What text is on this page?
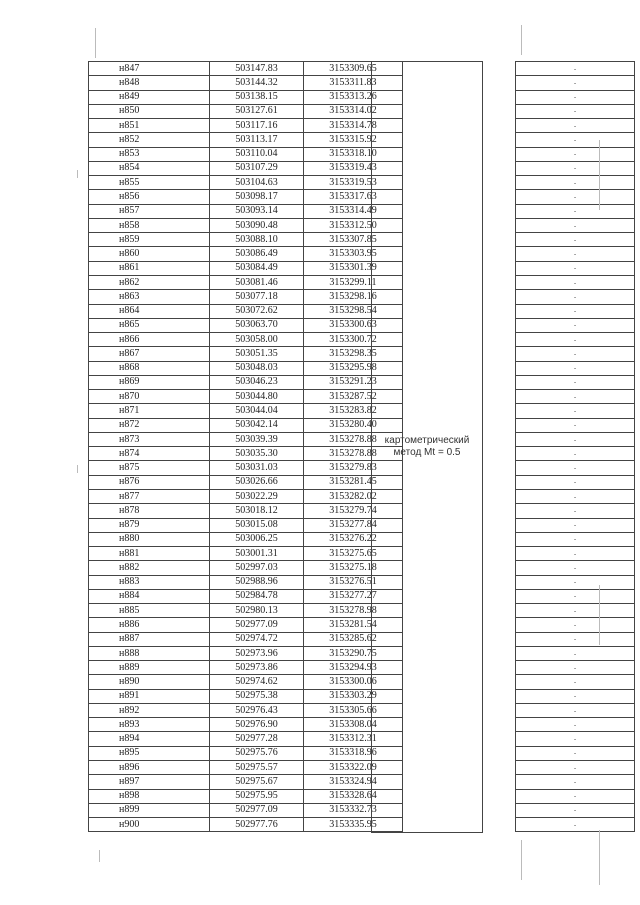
н847	503147.83	3153309.65		-
н848	503144.32	3153311.83		-
н849	503138.15	3153313.26		-
н850	503127.61	3153314.02		-
н851	503117.16	3153314.78		-
н852	503113.17	3153315.92		-
н853	503110.04	3153318.10		-
н854	503107.29	3153319.43		-
н855	503104.63	3153319.53		-
н856	503098.17	3153317.63		-
н857	503093.14	3153314.49		-
н858	503090.48	3153312.50		-
н859	503088.10	3153307.85		-
н860	503086.49	3153303.95		-
н861	503084.49	3153301.39		-
н862	503081.46	3153299.11		-
н863	503077.18	3153298.16		-
н864	503072.62	3153298.54		-
н865	503063.70	3153300.63		-
н866	503058.00	3153300.72		-
н867	503051.35	3153298.35		-
н868	503048.03	3153295.98		-
н869	503046.23	3153291.23		-
н870	503044.80	3153287.52		-
н871	503044.04	3153283.82		-
н872	503042.14	3153280.40		-
н873	503039.39	3153278.88		-
н874	503035.30	3153278.88		-
н875	503031.03	3153279.83		-
н876	503026.66	3153281.45		-
н877	503022.29	3153282.02		-
н878	503018.12	3153279.74		-
н879	503015.08	3153277.84		-
н880	503006.25	3153276.22		-
н881	503001.31	3153275.65		-
н882	502997.03	3153275.18		-
н883	502988.96	3153276.51		-
н884	502984.78	3153277.27		-
н885	502980.13	3153278.98		-
н886	502977.09	3153281.54		-
н887	502974.72	3153285.62		-
н888	502973.96	3153290.75		-
н889	502973.86	3153294.93		-
н890	502974.62	3153300.06		-
н891	502975.38	3153303.29		-
н892	502976.43	3153305.66		-
н893	502976.90	3153308.04		-
н894	502977.28	3153312.31		-
н895	502975.76	3153318.96		-
н896	502975.57	3153322.09		-
н897	502975.67	3153324.94		-
н898	502975.95	3153328.64		-
н899	502977.09	3153332.73		-
н900	502977.76	3153335.95		-
картометрический
метод Mt = 0.5
